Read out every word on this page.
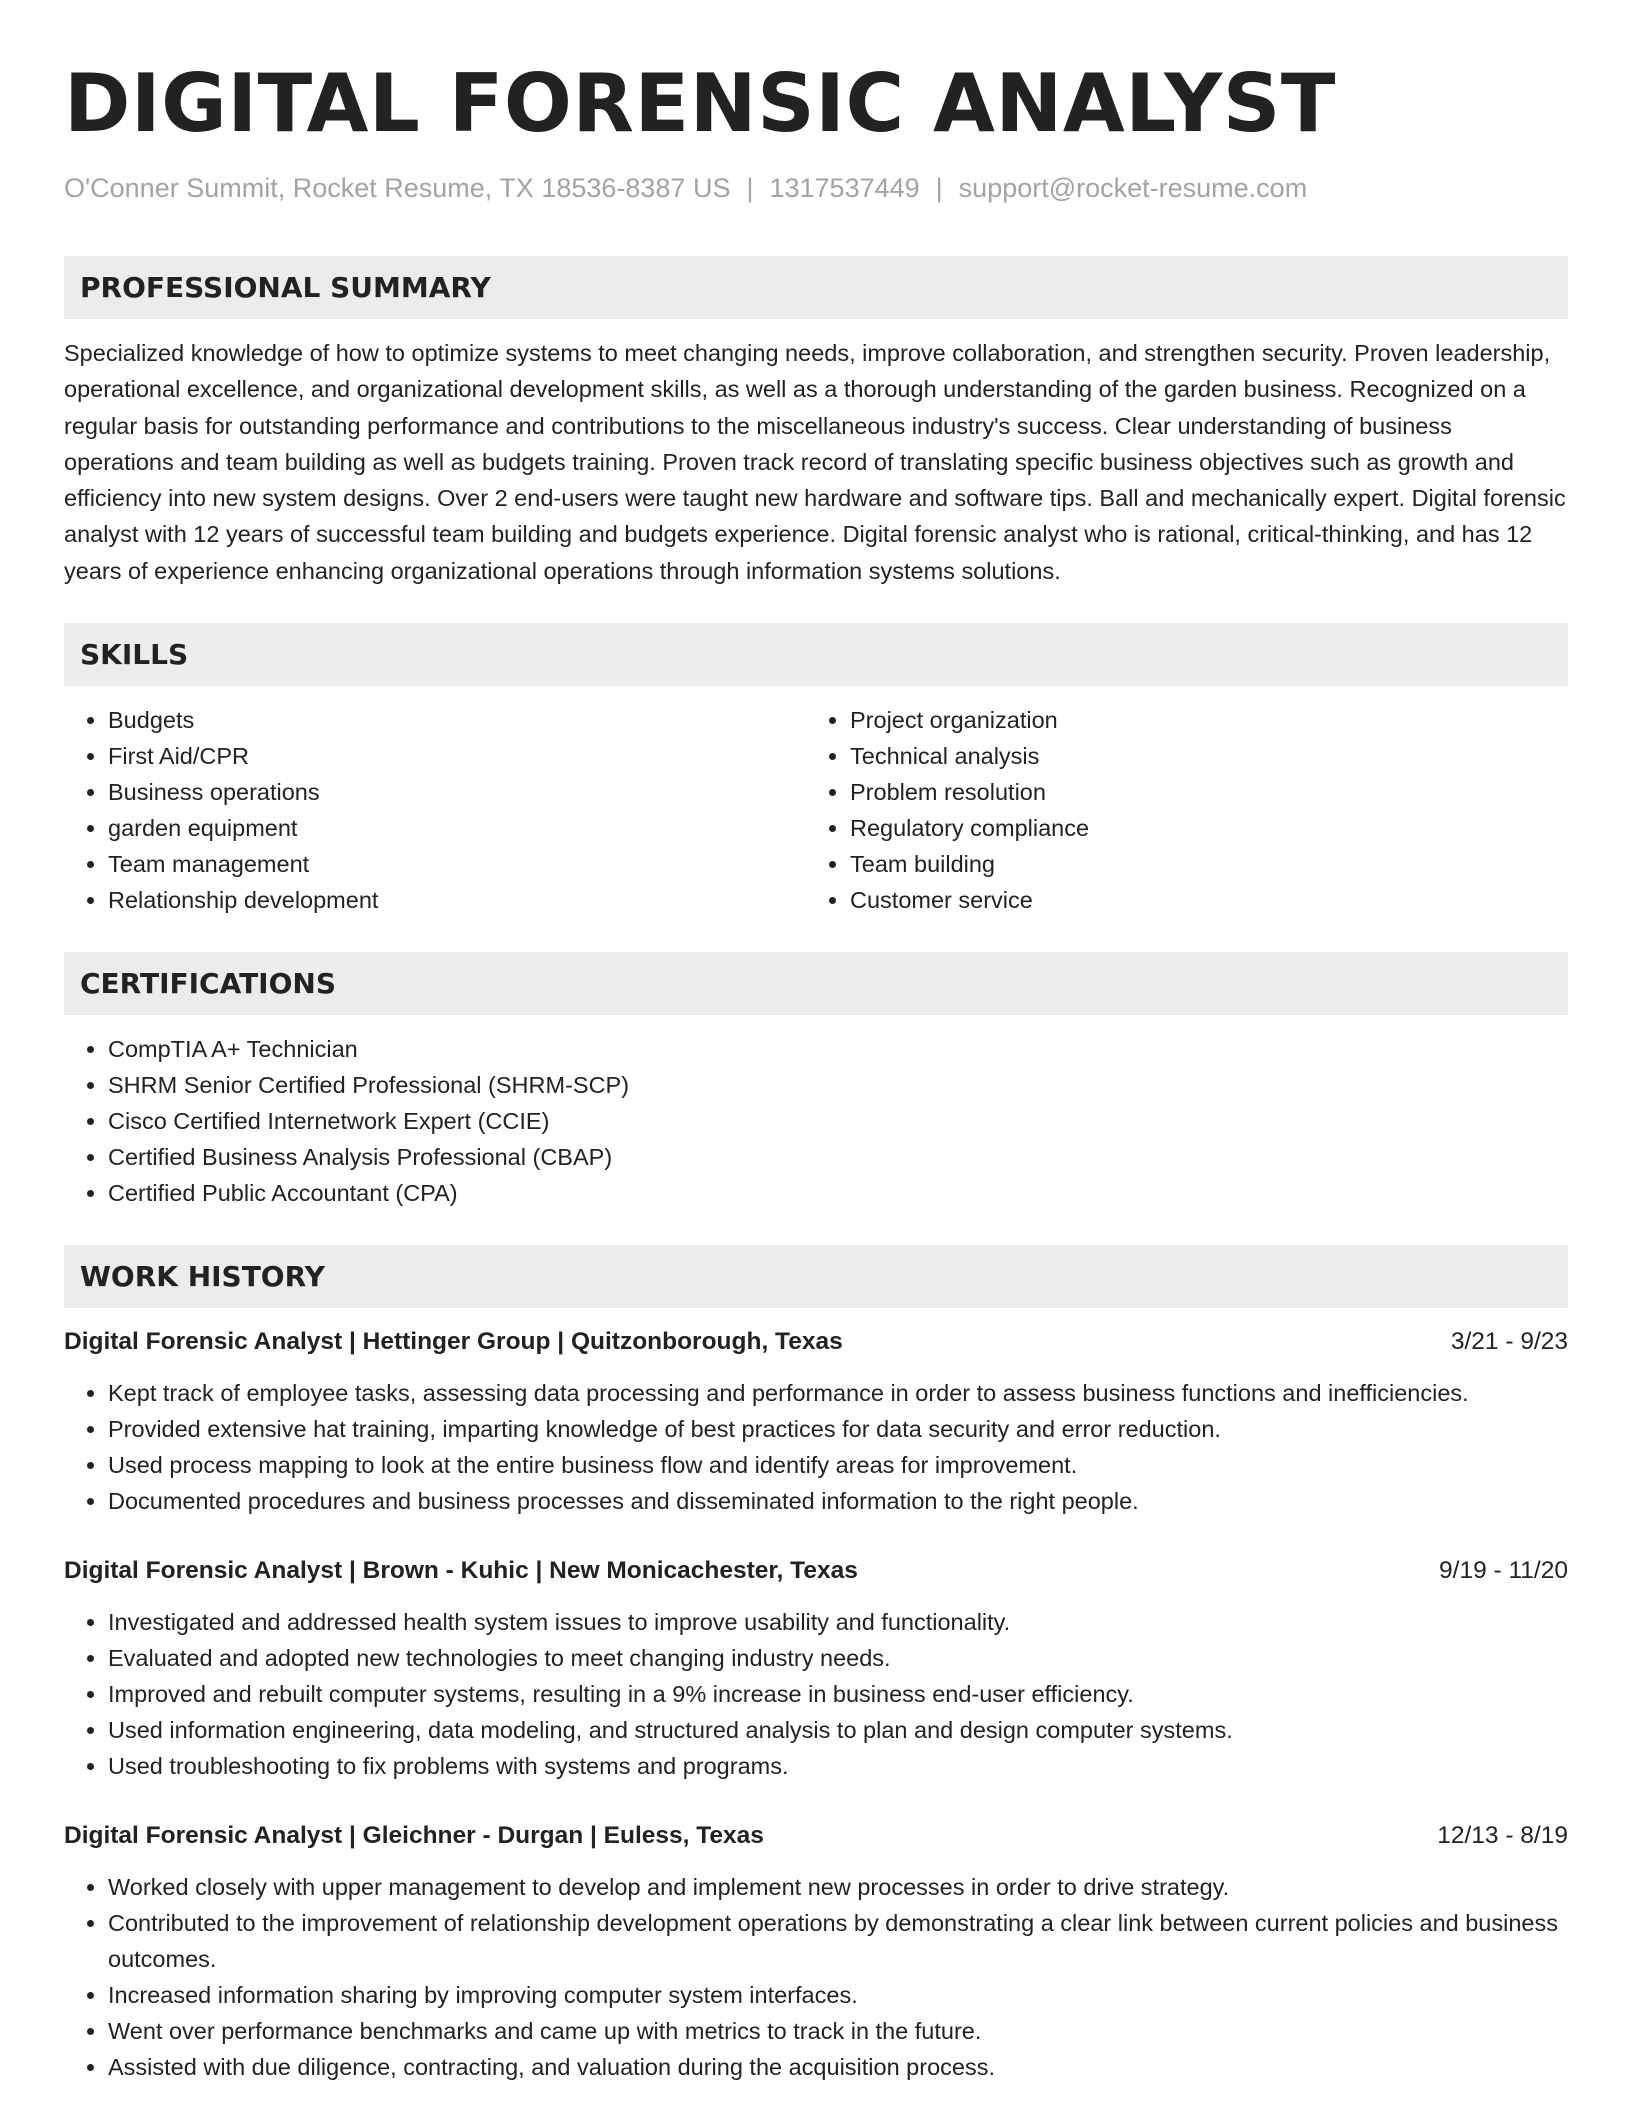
DIGITAL FORENSIC ANALYST
O'Conner Summit, Rocket Resume, TX 18536-8387 US | 1317537449 | support@rocket-resume.com
PROFESSIONAL SUMMARY

Specialized knowledge of how to optimize systems to meet changing needs, improve collaboration, and strengthen security. Proven leadership, operational excellence, and organizational development skills, as well as a thorough understanding of the garden business. Recognized on a regular basis for outstanding performance and contributions to the miscellaneous industry's success. Clear understanding of business operations and team building as well as budgets training. Proven track record of translating specific business objectives such as growth and efficiency into new system designs. Over 2 end-users were taught new hardware and software tips. Ball and mechanically expert. Digital forensic analyst with 12 years of successful team building and budgets experience. Digital forensic analyst who is rational, critical-thinking, and has 12 years of experience enhancing organizational operations through information systems solutions.

SKILLS
• Budgets
• First Aid/CPR
• Business operations
• garden equipment
• Team management
• Relationship development
• Project organization
• Technical analysis
• Problem resolution
• Regulatory compliance
• Team building
• Customer service
CERTIFICATIONS
• CompTIA A+ Technician
• SHRM Senior Certified Professional (SHRM-SCP)
• Cisco Certified Internetwork Expert (CCIE)
• Certified Business Analysis Professional (CBAP)
• Certified Public Accountant (CPA)
WORK HISTORY
Digital Forensic Analyst | Hettinger Group | Quitzonborough, Texas	3/21 - 9/23
• Kept track of employee tasks, assessing data processing and performance in order to assess business functions and inefficiencies.
• Provided extensive hat training, imparting knowledge of best practices for data security and error reduction.
• Used process mapping to look at the entire business flow and identify areas for improvement.
• Documented procedures and business processes and disseminated information to the right people.
Digital Forensic Analyst | Brown - Kuhic | New Monicachester, Texas	9/19 - 11/20
• Investigated and addressed health system issues to improve usability and functionality.
• Evaluated and adopted new technologies to meet changing industry needs.
• Improved and rebuilt computer systems, resulting in a 9% increase in business end-user efficiency.
• Used information engineering, data modeling, and structured analysis to plan and design computer systems.
• Used troubleshooting to fix problems with systems and programs.
Digital Forensic Analyst | Gleichner - Durgan | Euless, Texas	12/13 - 8/19
• Worked closely with upper management to develop and implement new processes in order to drive strategy.
• Contributed to the improvement of relationship development operations by demonstrating a clear link between current policies and business outcomes.
• Increased information sharing by improving computer system interfaces.
• Went over performance benchmarks and came up with metrics to track in the future.
• Assisted with due diligence, contracting, and valuation during the acquisition process.
